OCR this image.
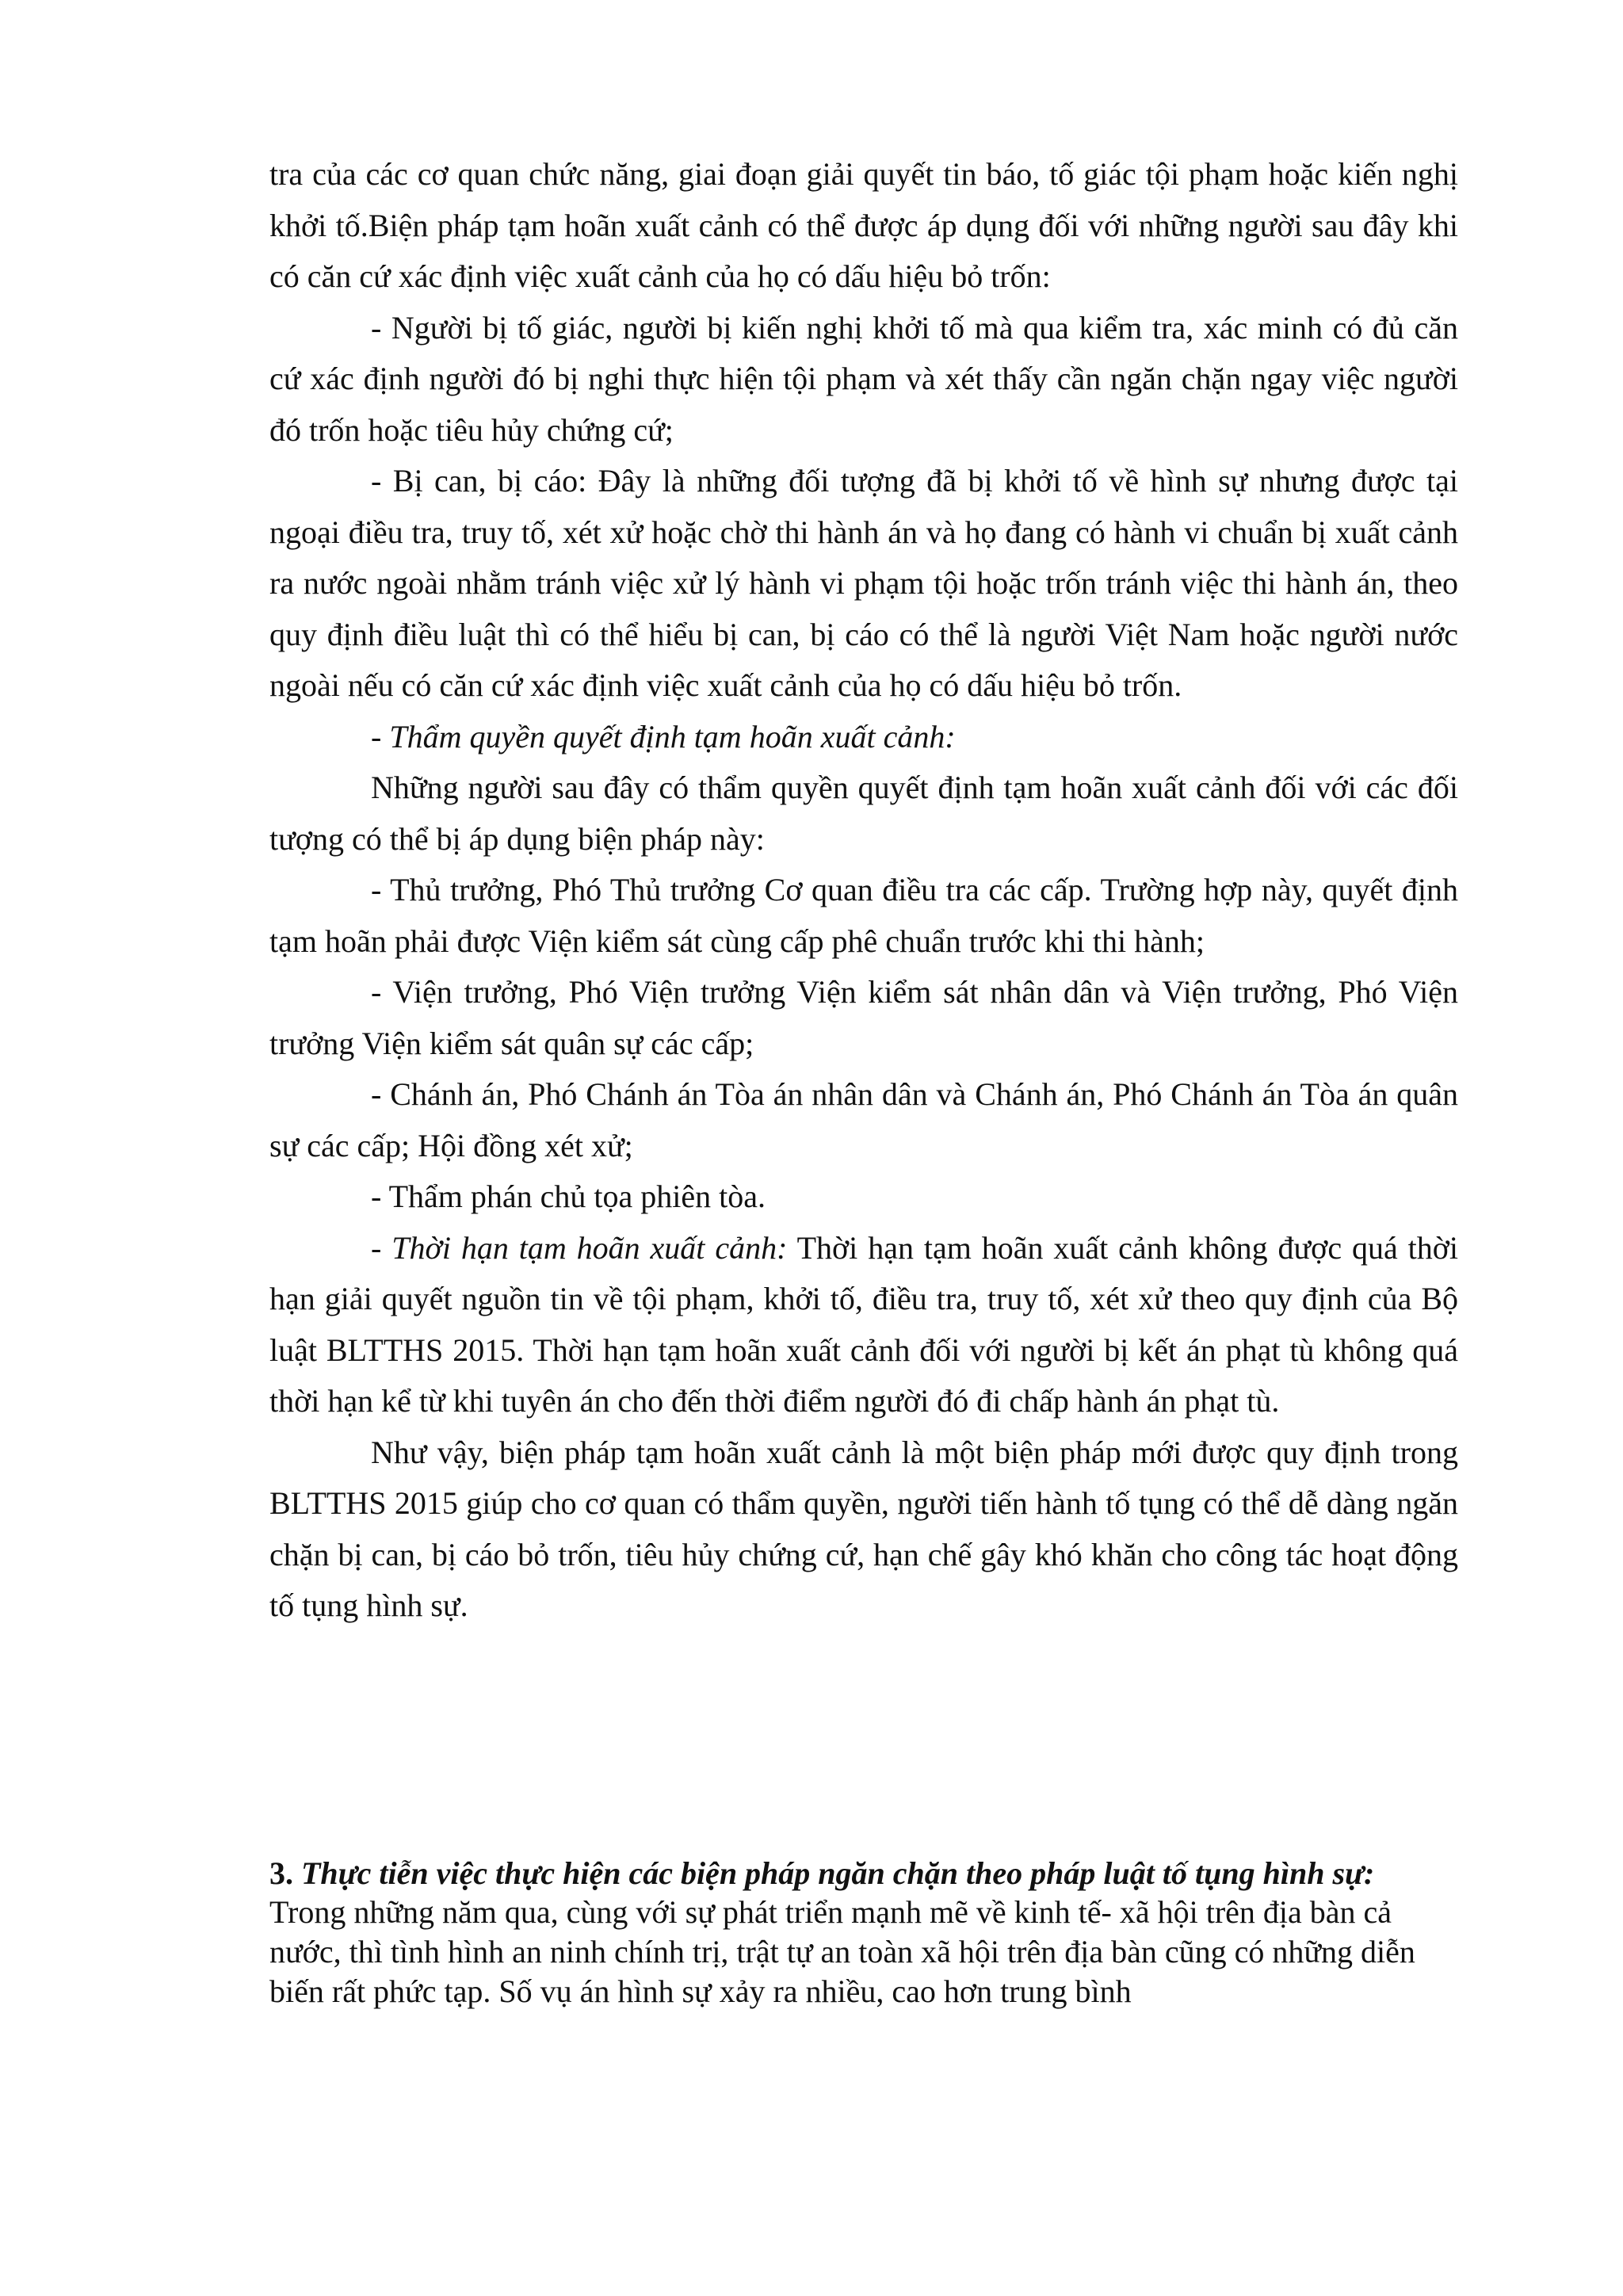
tra của các cơ quan chức năng, giai đoạn giải quyết tin báo, tố giác tội phạm hoặc kiến nghị khởi tố.Biện pháp tạm hoãn xuất cảnh có thể được áp dụng đối với những người sau đây khi có căn cứ xác định việc xuất cảnh của họ có dấu hiệu bỏ trốn:

- Người bị tố giác, người bị kiến nghị khởi tố mà qua kiểm tra, xác minh có đủ căn cứ xác định người đó bị nghi thực hiện tội phạm và xét thấy cần ngăn chặn ngay việc người đó trốn hoặc tiêu hủy chứng cứ;

- Bị can, bị cáo: Đây là những đối tượng đã bị khởi tố về hình sự nhưng được tại ngoại điều tra, truy tố, xét xử hoặc chờ thi hành án và họ đang có hành vi chuẩn bị xuất cảnh ra nước ngoài nhằm tránh việc xử lý hành vi phạm tội hoặc trốn tránh việc thi hành án, theo quy định điều luật thì có thể hiểu bị can, bị cáo có thể là người Việt Nam hoặc người nước ngoài nếu có căn cứ xác định việc xuất cảnh của họ có dấu hiệu bỏ trốn.

- Thẩm quyền quyết định tạm hoãn xuất cảnh:

Những người sau đây có thẩm quyền quyết định tạm hoãn xuất cảnh đối với các đối tượng có thể bị áp dụng biện pháp này:

- Thủ trưởng, Phó Thủ trưởng Cơ quan điều tra các cấp. Trường hợp này, quyết định tạm hoãn phải được Viện kiểm sát cùng cấp phê chuẩn trước khi thi hành;

- Viện trưởng, Phó Viện trưởng Viện kiểm sát nhân dân và Viện trưởng, Phó Viện trưởng Viện kiểm sát quân sự các cấp;

- Chánh án, Phó Chánh án Tòa án nhân dân và Chánh án, Phó Chánh án Tòa án quân sự các cấp; Hội đồng xét xử;

- Thẩm phán chủ tọa phiên tòa.

- Thời hạn tạm hoãn xuất cảnh: Thời hạn tạm hoãn xuất cảnh không được quá thời hạn giải quyết nguồn tin về tội phạm, khởi tố, điều tra, truy tố, xét xử theo quy định của Bộ luật BLTTHS 2015. Thời hạn tạm hoãn xuất cảnh đối với người bị kết án phạt tù không quá thời hạn kể từ khi tuyên án cho đến thời điểm người đó đi chấp hành án phạt tù.

Như vậy, biện pháp tạm hoãn xuất cảnh là một biện pháp mới được quy định trong BLTTHS 2015 giúp cho cơ quan có thẩm quyền, người tiến hành tố tụng có thể dễ dàng ngăn chặn bị can, bị cáo bỏ trốn, tiêu hủy chứng cứ, hạn chế gây khó khăn cho công tác hoạt động tố tụng hình sự.

3. Thực tiễn việc thực hiện các biện pháp ngăn chặn theo pháp luật tố tụng hình sự:

Trong những năm qua, cùng với sự phát triển mạnh mẽ về kinh tế- xã hội trên địa bàn cả nước, thì tình hình an ninh chính trị, trật tự an toàn xã hội trên địa bàn cũng có những diễn biến rất phức tạp. Số vụ án hình sự xảy ra nhiều, cao hơn trung bình
